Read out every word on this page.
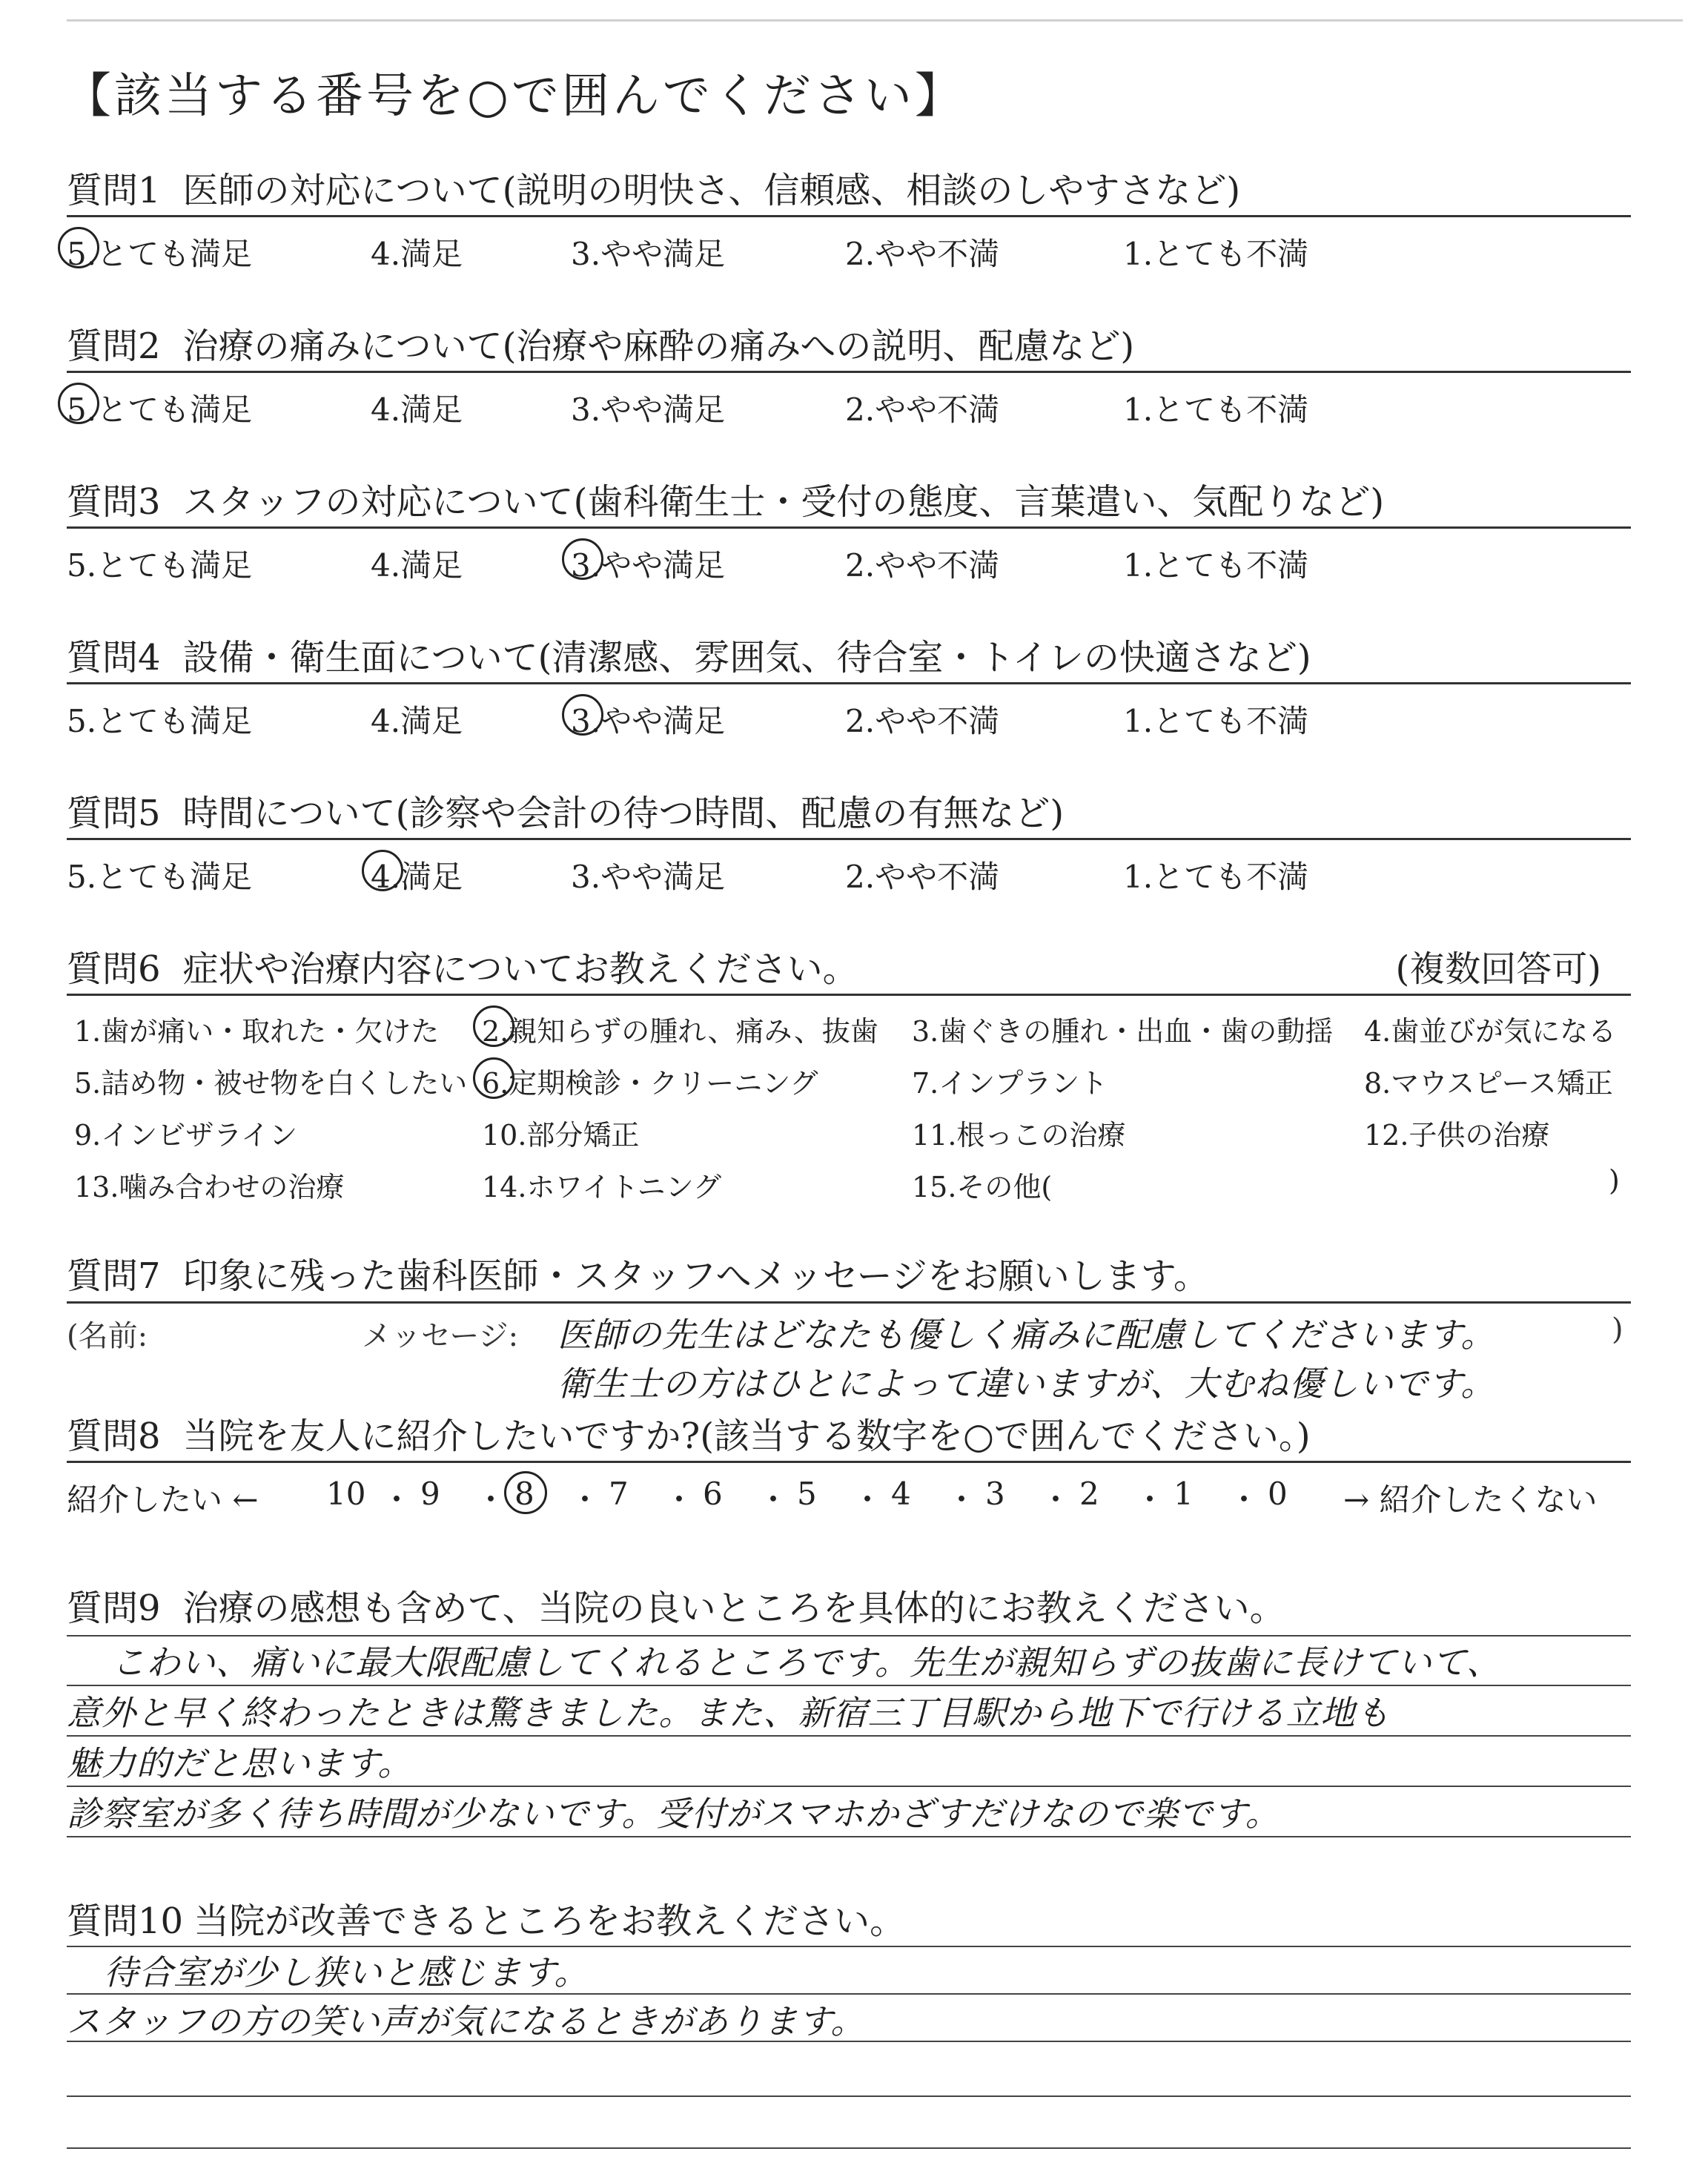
【該当する番号を○で囲んでください】
質問1 医師の対応について(説明の明快さ、信頼感、相談のしやすさなど)
5.とても満足	4.満足	3.やや満足	2.やや不満	1.とても不満
質問2 治療の痛みについて(治療や麻酔の痛みへの説明、配慮など)
5.とても満足	4.満足	3.やや満足	2.やや不満	1.とても不満
質問3 スタッフの対応について(歯科衛生士・受付の態度、言葉遣い、気配りなど)
5.とても満足	4.満足	3.やや満足	2.やや不満	1.とても不満
質問4 設備・衛生面について(清潔感、雰囲気、待合室・トイレの快適さなど)
5.とても満足	4.満足	3.やや満足	2.やや不満	1.とても不満
質問5 時間について(診察や会計の待つ時間、配慮の有無など)
5.とても満足	4.満足	3.やや満足	2.やや不満	1.とても不満
質問6 症状や治療内容についてお教えください。	(複数回答可)
1.歯が痛い・取れた・欠けた 2.親知らずの腫れ、痛み、抜歯 3.歯ぐきの腫れ・出血・歯の動揺 4.歯並びが気になる
5.詰め物・被せ物を白くしたい 6.定期検診・クリーニング	7.インプラント	8.マウスピース矯正
9.インビザライン	10.部分矯正	11.根っこの治療	12.子供の治療
13.噛み合わせの治療	14.ホワイトニング	15.その他(	)
質問7 印象に残った歯科医師・スタッフへメッセージをお願いします。
(名前:	メッセージ:	)
医師の先生はどなたも優しく痛みに配慮してくださいます。
衛生士の方はひとによって違いますが、大むね優しいです。
質問8 当院を友人に紹介したいですか?(該当する数字を○で囲んでください。)
紹介したい ←	→ 紹介したくない
10 ・ 9 ・ 8 ・ 7 ・ 6 ・ 5 ・ 4 ・ 3 ・ 2 ・ 1 ・ 0
質問9 治療の感想も含めて、当院の良いところを具体的にお教えください。
こわい、痛いに最大限配慮してくれるところです。先生が親知らずの抜歯に長けていて、
意外と早く終わったときは驚きました。また、新宿三丁目駅から地下で行ける立地も
魅力的だと思います。
診察室が多く待ち時間が少ないです。受付がスマホかざすだけなので楽です。
質問10 当院が改善できるところをお教えください。
待合室が少し狭いと感じます。
スタッフの方の笑い声が気になるときがあります。
